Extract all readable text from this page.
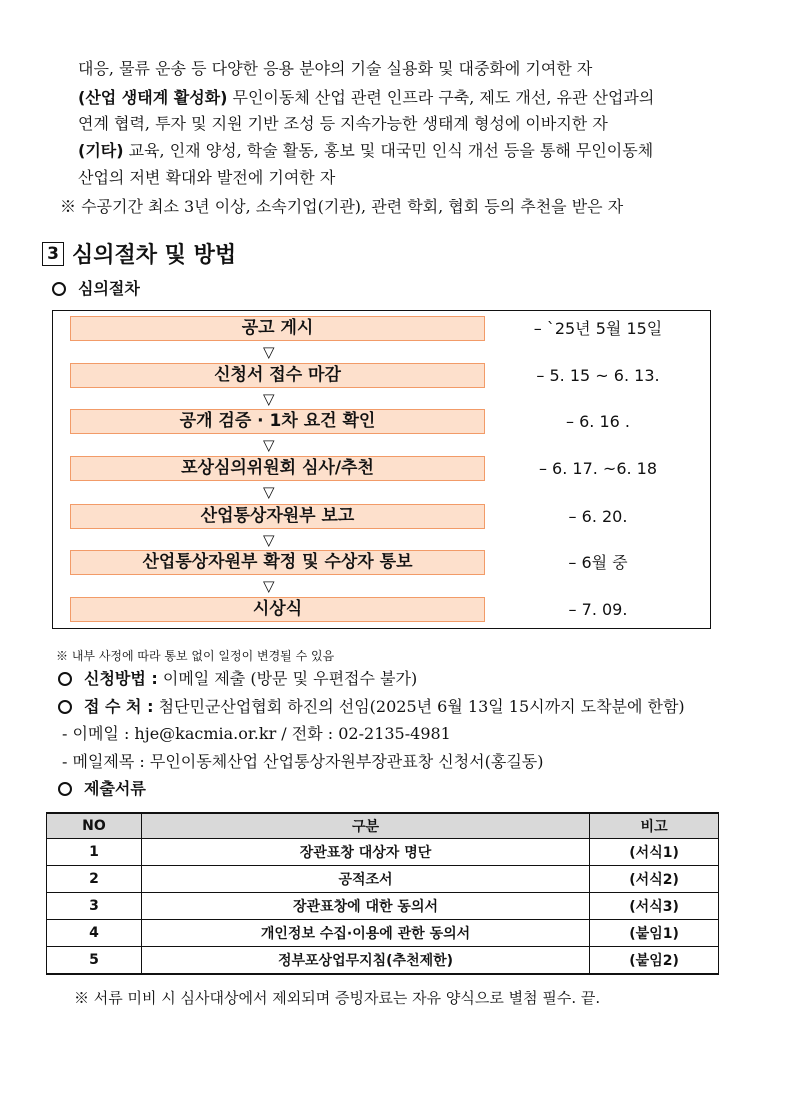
대응, 물류 운송 등 다양한 응용 분야의 기술 실용화 및 대중화에 기여한 자
(산업 생태계 활성화) 무인이동체 산업 관련 인프라 구축, 제도 개선, 유관 산업과의
연계 협력, 투자 및 지원 기반 조성 등 지속가능한 생태계 형성에 이바지한 자
(기타) 교육, 인재 양성, 학술 활동, 홍보 및 대국민 인식 개선 등을 통해 무인이동체
산업의 저변 확대와 발전에 기여한 자
※ 수공기간 최소 3년 이상, 소속기업(기관), 관련 학회, 협회 등의 추천을 받은 자
3 심의절차 및 방법
심의절차
공고 게시	– `25년 5월 15일
▽
신청서 접수 마감	– 5. 15 ~ 6. 13.
▽
공개 검증 · 1차 요건 확인	– 6. 16 .
▽
포상심의위원회 심사/추천	– 6. 17. ~6. 18
▽
산업통상자원부 보고	– 6. 20.
▽
산업통상자원부 확정 및 수상자 통보	– 6월 중
▽
시상식	– 7. 09.
※ 내부 사정에 따라 통보 없이 일정이 변경될 수 있음
신청방법 : 이메일 제출 (방문 및 우편접수 불가)
접 수 처 : 첨단민군산업협회 하진의 선임(2025년 6월 13일 15시까지 도착분에 한함)
- 이메일 : hje@kacmia.or.kr / 전화 : 02-2135-4981
- 메일제목 : 무인이동체산업 산업통상자원부장관표창 신청서(홍길동)
제출서류
NO	구분	비고
1	장관표창 대상자 명단	(서식1)
2	공적조서	(서식2)
3	장관표창에 대한 동의서	(서식3)
4	개인정보 수집·이용에 관한 동의서	(붙임1)
5	정부포상업무지침(추천제한)	(붙임2)
※ 서류 미비 시 심사대상에서 제외되며 증빙자료는 자유 양식으로 별첨 필수. 끝.
